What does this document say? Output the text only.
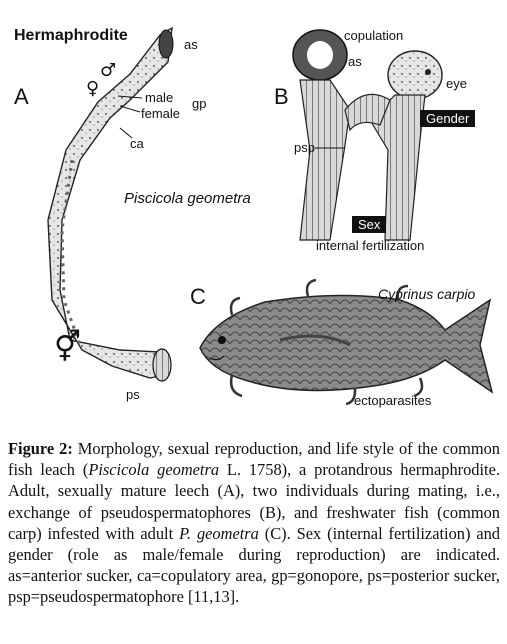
Hermaphrodite
A
as
gp
male
female
ca
ps
♂
♀
⚥
Piscicola geometra
B
copulation
as
eye
Gender
psp
Sex
internal fertilization
C	Cyprinus carpio
ectoparasites
Figure 2: Morphology, sexual reproduction, and life style of the common fish leach (Piscicola geometra L. 1758), a protandrous hermaphrodite. Adult, sexually mature leech (A), two individuals during mating, i.e., exchange of pseudospermatophores (B), and freshwater fish (common carp) infested with adult P. geometra (C). Sex (internal fertilization) and gender (role as male/female during reproduction) are indicated. as=anterior sucker, ca=copulatory area, gp=gonopore, ps=posterior sucker, psp=pseudospermatophore [11,13].
